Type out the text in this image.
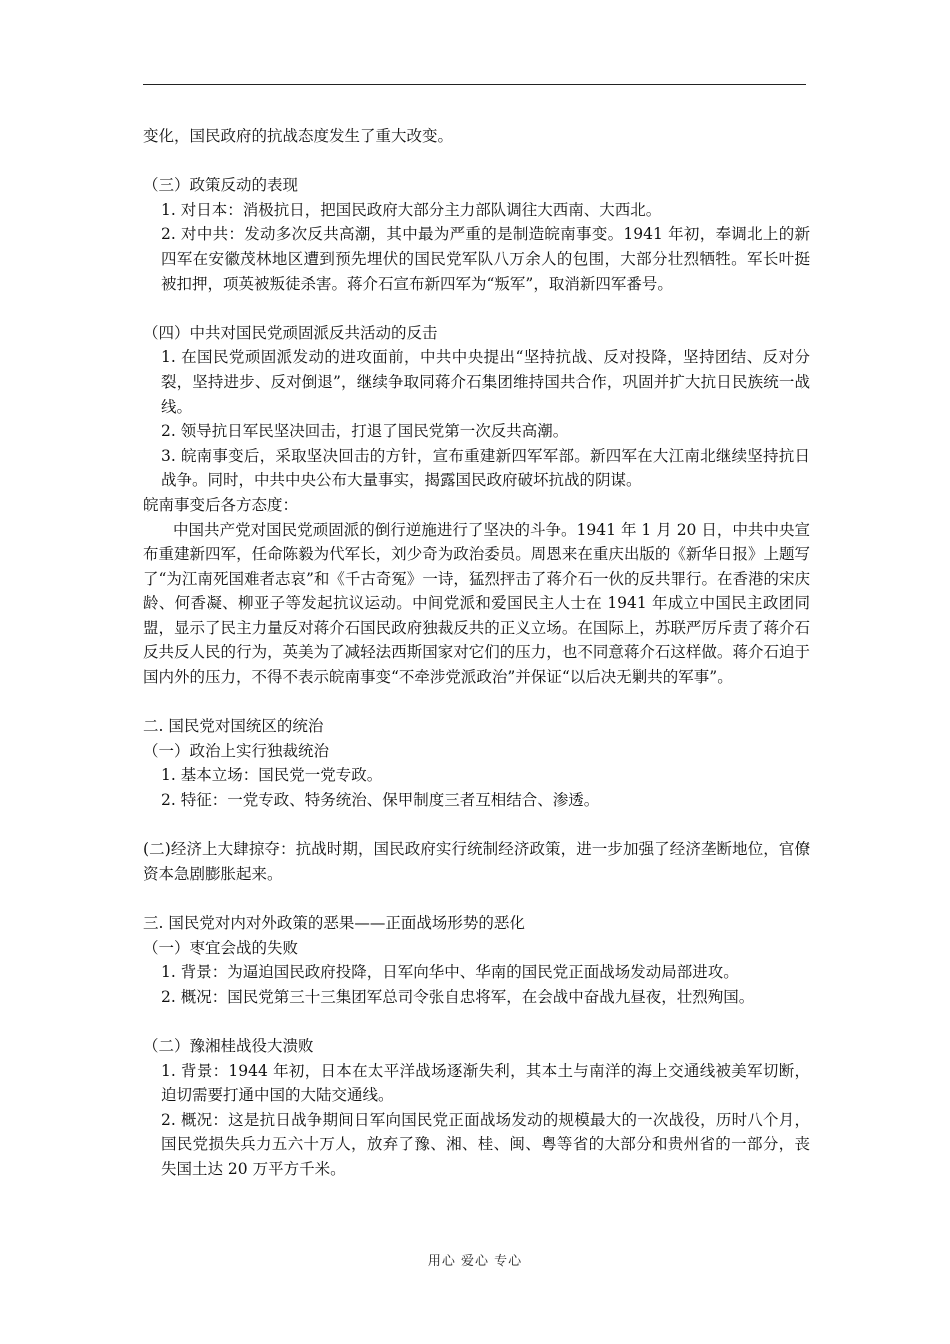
变化，国民政府的抗战态度发生了重大改变。

（三）政策反动的表现

1. 对日本：消极抗日，把国民政府大部分主力部队调往大西南、大西北。

2. 对中共：发动多次反共高潮，其中最为严重的是制造皖南事变。1941 年初，奉调北上的新四军在安徽茂林地区遭到预先埋伏的国民党军队八万余人的包围，大部分壮烈牺牲。军长叶挺被扣押，项英被叛徒杀害。蒋介石宣布新四军为“叛军”，取消新四军番号。

（四）中共对国民党顽固派反共活动的反击

1. 在国民党顽固派发动的进攻面前，中共中央提出“坚持抗战、反对投降，坚持团结、反对分裂，坚持进步、反对倒退”，继续争取同蒋介石集团维持国共合作，巩固并扩大抗日民族统一战线。

2. 领导抗日军民坚决回击，打退了国民党第一次反共高潮。

3. 皖南事变后，采取坚决回击的方针，宣布重建新四军军部。新四军在大江南北继续坚持抗日战争。同时，中共中央公布大量事实，揭露国民政府破坏抗战的阴谋。

皖南事变后各方态度：

中国共产党对国民党顽固派的倒行逆施进行了坚决的斗争。1941 年 1 月 20 日，中共中央宣布重建新四军，任命陈毅为代军长，刘少奇为政治委员。周恩来在重庆出版的《新华日报》上题写了“为江南死国难者志哀”和《千古奇冤》一诗，猛烈抨击了蒋介石一伙的反共罪行。在香港的宋庆龄、何香凝、柳亚子等发起抗议运动。中间党派和爱国民主人士在 1941 年成立中国民主政团同盟，显示了民主力量反对蒋介石国民政府独裁反共的正义立场。在国际上，苏联严厉斥责了蒋介石反共反人民的行为，英美为了减轻法西斯国家对它们的压力，也不同意蒋介石这样做。蒋介石迫于国内外的压力，不得不表示皖南事变“不牵涉党派政治”并保证“以后决无剿共的军事”。

二. 国民党对国统区的统治

（一）政治上实行独裁统治

1. 基本立场：国民党一党专政。

2. 特征：一党专政、特务统治、保甲制度三者互相结合、渗透。

(二)经济上大肆掠夺：抗战时期，国民政府实行统制经济政策，进一步加强了经济垄断地位，官僚资本急剧膨胀起来。

三. 国民党对内对外政策的恶果——正面战场形势的恶化

（一）枣宜会战的失败

1. 背景：为逼迫国民政府投降，日军向华中、华南的国民党正面战场发动局部进攻。

2. 概况：国民党第三十三集团军总司令张自忠将军，在会战中奋战九昼夜，壮烈殉国。

（二）豫湘桂战役大溃败

1. 背景：1944 年初，日本在太平洋战场逐渐失利，其本土与南洋的海上交通线被美军切断，迫切需要打通中国的大陆交通线。

2. 概况：这是抗日战争期间日军向国民党正面战场发动的规模最大的一次战役，历时八个月，国民党损失兵力五六十万人，放弃了豫、湘、桂、闽、粤等省的大部分和贵州省的一部分，丧失国土达 20 万平方千米。

用心 爱心 专心
